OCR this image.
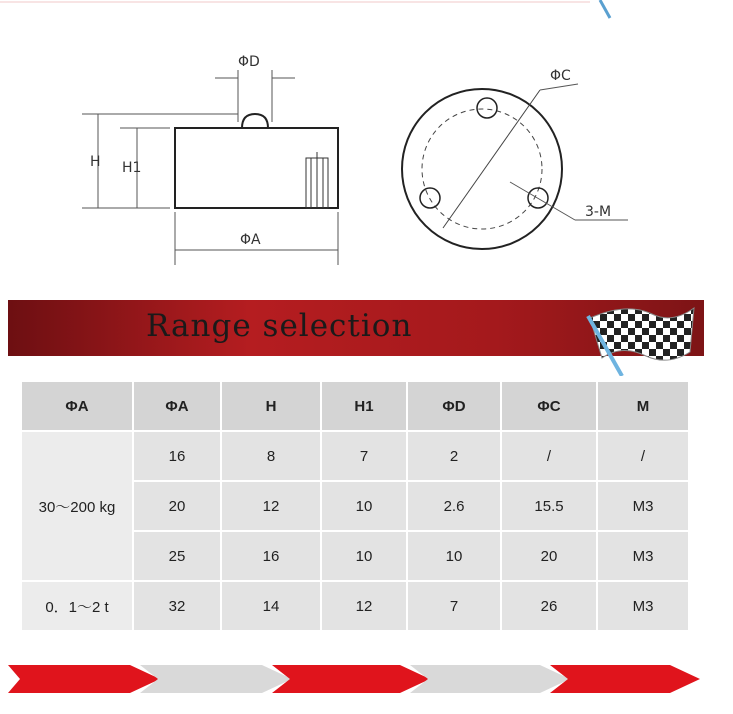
ΦD
H H1
ΦA
ΦC
3-M
Range selection
ΦA	ΦA	H	H1	ΦD	ΦC	M
30～200 kg	16	8	7	2	/	/
	20	12	10	2.6	15.5	M3
	25	16	10	10	20	M3
0．1～2 t	32	14	12	7	26	M3
